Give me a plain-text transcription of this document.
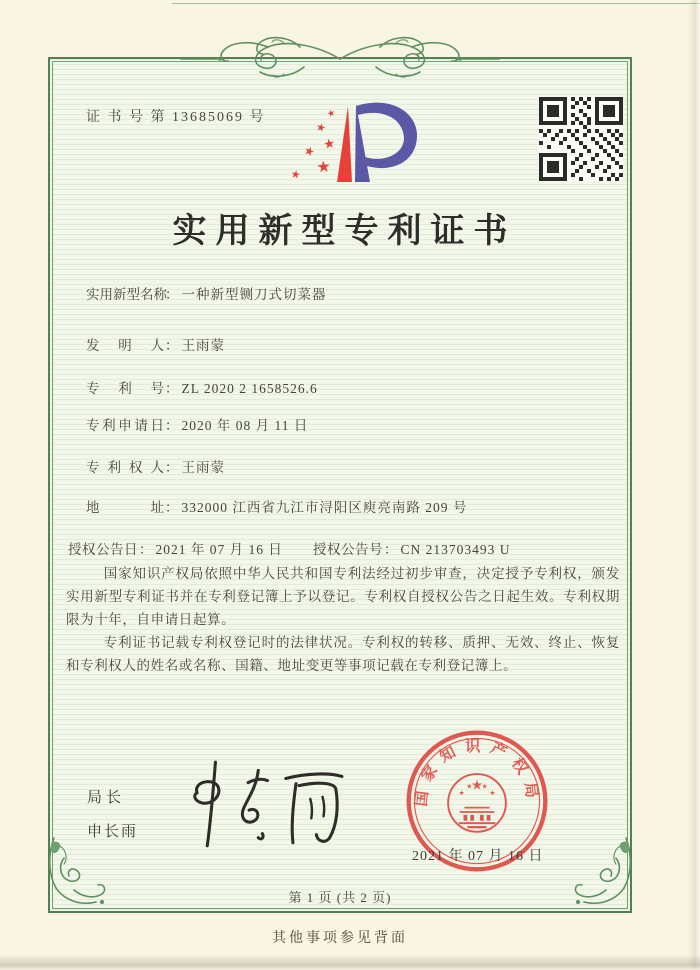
证 书 号 第 13685069 号	★
★
★
★
★
★
实用新型专利证书
实用新型名称： 一种新型铡刀式切菜器
发明人： 王雨蒙
专利号： ZL 2020 2 1658526.6
专利申请日： 2020 年 08 月 11 日
专利权人： 王雨蒙
地址： 332000 江西省九江市浔阳区庾亮南路 209 号
授权公告日： 2021 年 07 月 16 日 授权公告号： CN 213703493 U

国家知识产权局依照中华人民共和国专利法经过初步审查，决定授予专利权，颁发实用新型专利证书并在专利登记簿上予以登记。专利权自授权公告之日起生效。专利权期限为十年，自申请日起算。

专利证书记载专利权登记时的法律状况。专利权的转移、质押、无效、终止、恢复和专利权人的姓名或名称、国籍、地址变更等事项记载在专利登记簿上。

局长
申长雨
国家知识产权局
★
★
★ ★
★
2021 年 07 月 16 日
第 1 页 (共 2 页)
其他事项参见背面
